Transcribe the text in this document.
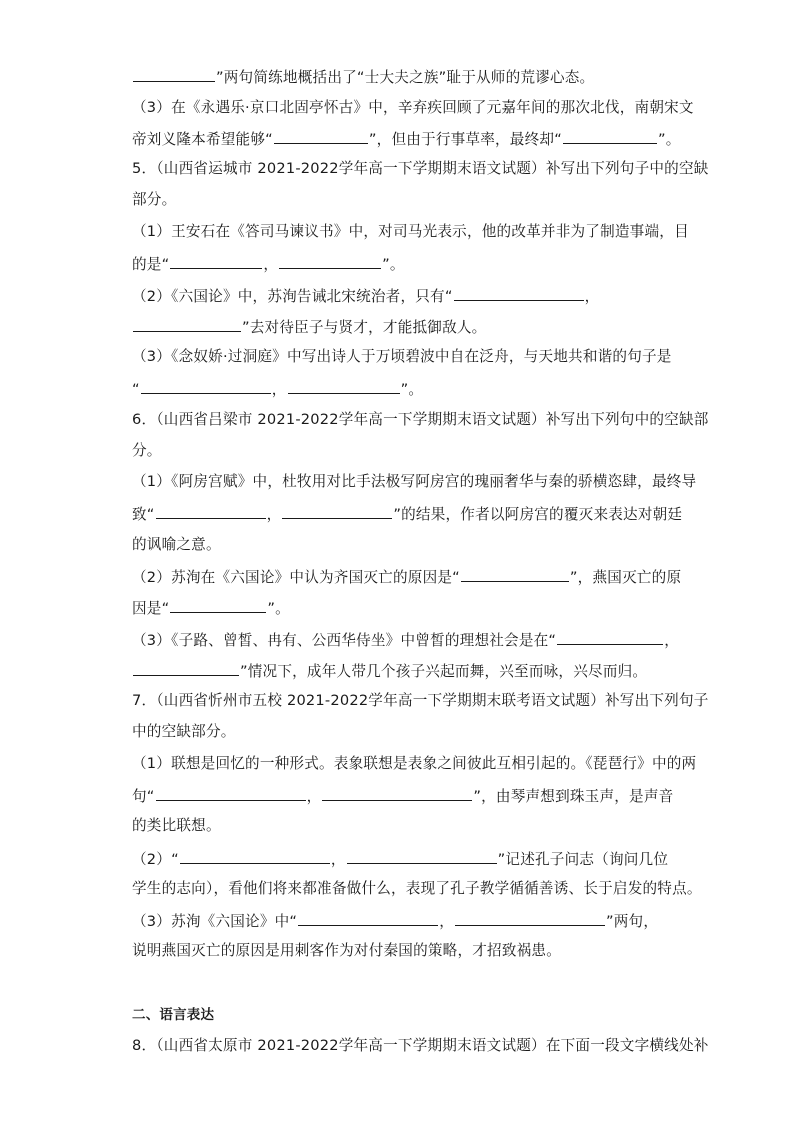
”两句简练地概括出了“士大夫之族”耻于从师的荒谬心态。
（3）在《永遇乐·京口北固亭怀古》中，辛弃疾回顾了元嘉年间的那次北伐，南朝宋文
帝刘义隆本希望能够“	”，但由于行事草率，最终却“	”。
5．（山西省运城市 2021-2022学年高一下学期期末语文试题）补写出下列句子中的空缺
部分。
（1）王安石在《答司马谏议书》中，对司马光表示，他的改革并非为了制造事端，目
的是“	，	”。
（2）《六国论》中，苏洵告诫北宋统治者，只有“	，
”去对待臣子与贤才，才能抵御敌人。
（3）《念奴娇·过洞庭》中写出诗人于万顷碧波中自在泛舟，与天地共和谐的句子是
“	，	”。
6．（山西省吕梁市 2021-2022学年高一下学期期末语文试题）补写出下列句中的空缺部
分。
（1）《阿房宫赋》中，杜牧用对比手法极写阿房宫的瑰丽奢华与秦的骄横恣肆，最终导
致“	，	”的结果，作者以阿房宫的覆灭来表达对朝廷
的讽喻之意。
（2）苏洵在《六国论》中认为齐国灭亡的原因是“	”，燕国灭亡的原
因是“	”。
（3）《子路、曾皙、冉有、公西华侍坐》中曾皙的理想社会是在“	，
”情况下，成年人带几个孩子兴起而舞，兴至而咏，兴尽而归。
7．（山西省忻州市五校 2021-2022学年高一下学期期末联考语文试题）补写出下列句子
中的空缺部分。
（1）联想是回忆的一种形式。表象联想是表象之间彼此互相引起的。《琵琶行》中的两
句“	，	”，由琴声想到珠玉声，是声音
的类比联想。
（2）“	，	”记述孔子问志（询问几位
学生的志向），看他们将来都准备做什么，表现了孔子教学循循善诱、长于启发的特点。
（3）苏洵《六国论》中“	，	”两句，
说明燕国灭亡的原因是用刺客作为对付秦国的策略，才招致祸患。
二、语言表达
8．（山西省太原市 2021-2022学年高一下学期期末语文试题）在下面一段文字横线处补
